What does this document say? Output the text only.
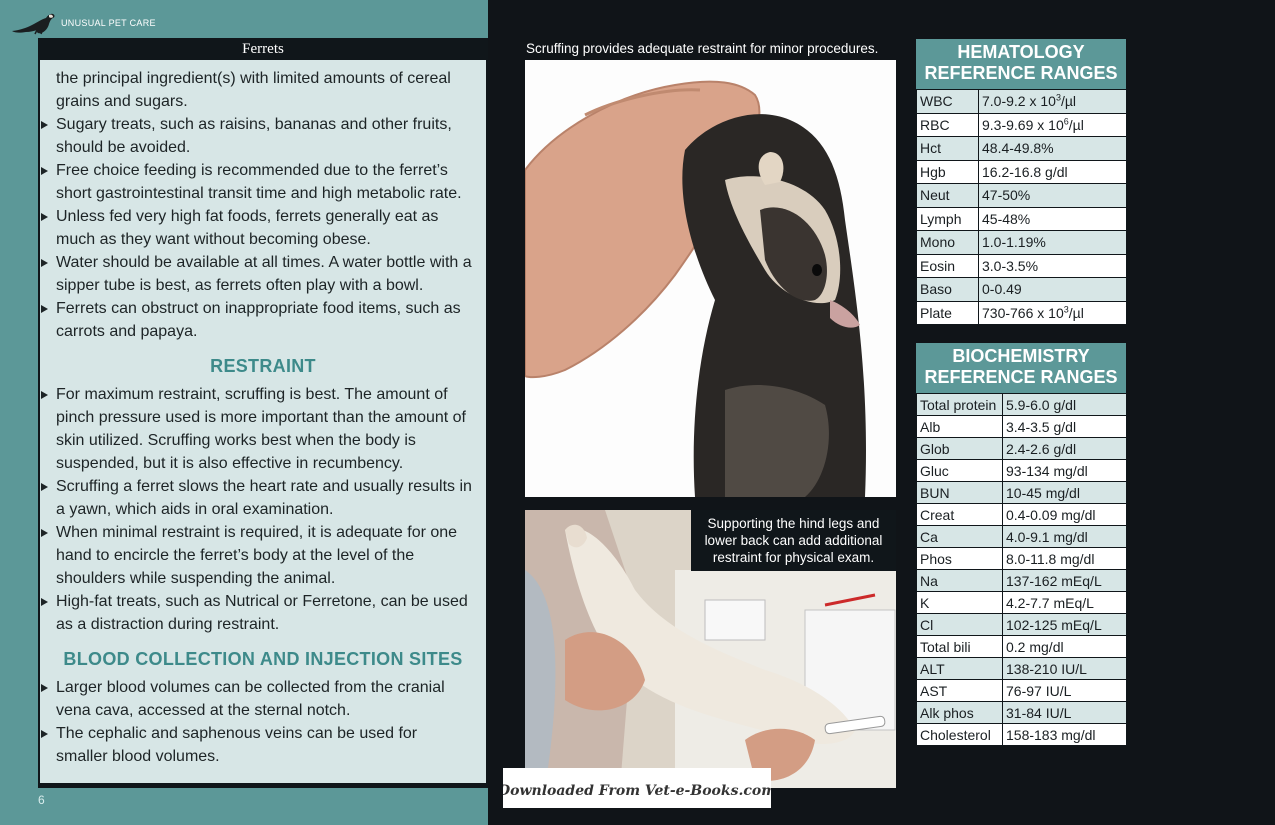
UNUSUAL PET CARE
Ferrets

the principal ingredient(s) with limited amounts of cereal grains and sugars.

Sugary treats, such as raisins, bananas and other fruits, should be avoided.
Free choice feeding is recommended due to the ferret’s short gastrointestinal transit time and high metabolic rate.
Unless fed very high fat foods, ferrets generally eat as much as they want without becoming obese.
Water should be available at all times. A water bottle with a sipper tube is best, as ferrets often play with a bowl.
Ferrets can obstruct on inappropriate food items, such as carrots and papaya.
RESTRAINT
For maximum restraint, scruffing is best. The amount of pinch pressure used is more important than the amount of skin utilized. Scruffing works best when the body is suspended, but it is also effective in recumbency.
Scruffing a ferret slows the heart rate and usually results in a yawn, which aids in oral examination.
When minimal restraint is required, it is adequate for one hand to encircle the ferret’s body at the level of the shoulders while suspending the animal.
High-fat treats, such as Nutrical or Ferretone, can be used as a distraction during restraint.
BLOOD COLLECTION AND INJECTION SITES
Larger blood volumes can be collected from the cranial vena cava, accessed at the sternal notch.
The cephalic and saphenous veins can be used for smaller blood volumes.
6
Scruffing provides adequate restraint for minor procedures.
Supporting the hind legs and lower back can add additional restraint for physical exam.
Downloaded From Vet-e-Books.com
HEMATOLOGY
REFERENCE RANGES
WBC	7.0-9.2 x $10^3/\mu l$
RBC	9.3-9.69 x $10^6/\mu l$
Hct	48.4-49.8%
Hgb	16.2-16.8 g/dl
Neut	47-50%
Lymph	45-48%
Mono	1.0-1.19%
Eosin	3.0-3.5%
Baso	0-0.49
Plate	730-766 x $10^3/\mu l$
BIOCHEMISTRY
REFERENCE RANGES
Total protein	5.9-6.0 g/dl
Alb	3.4-3.5 g/dl
Glob	2.4-2.6 g/dl
Gluc	93-134 mg/dl
BUN	10-45 mg/dl
Creat	0.4-0.09 mg/dl
Ca	4.0-9.1 mg/dl
Phos	8.0-11.8 mg/dl
Na	137-162 mEq/L
K	4.2-7.7 mEq/L
Cl	102-125 mEq/L
Total bili	0.2 mg/dl
ALT	138-210 IU/L
AST	76-97 IU/L
Alk phos	31-84 IU/L
Cholesterol	158-183 mg/dl
